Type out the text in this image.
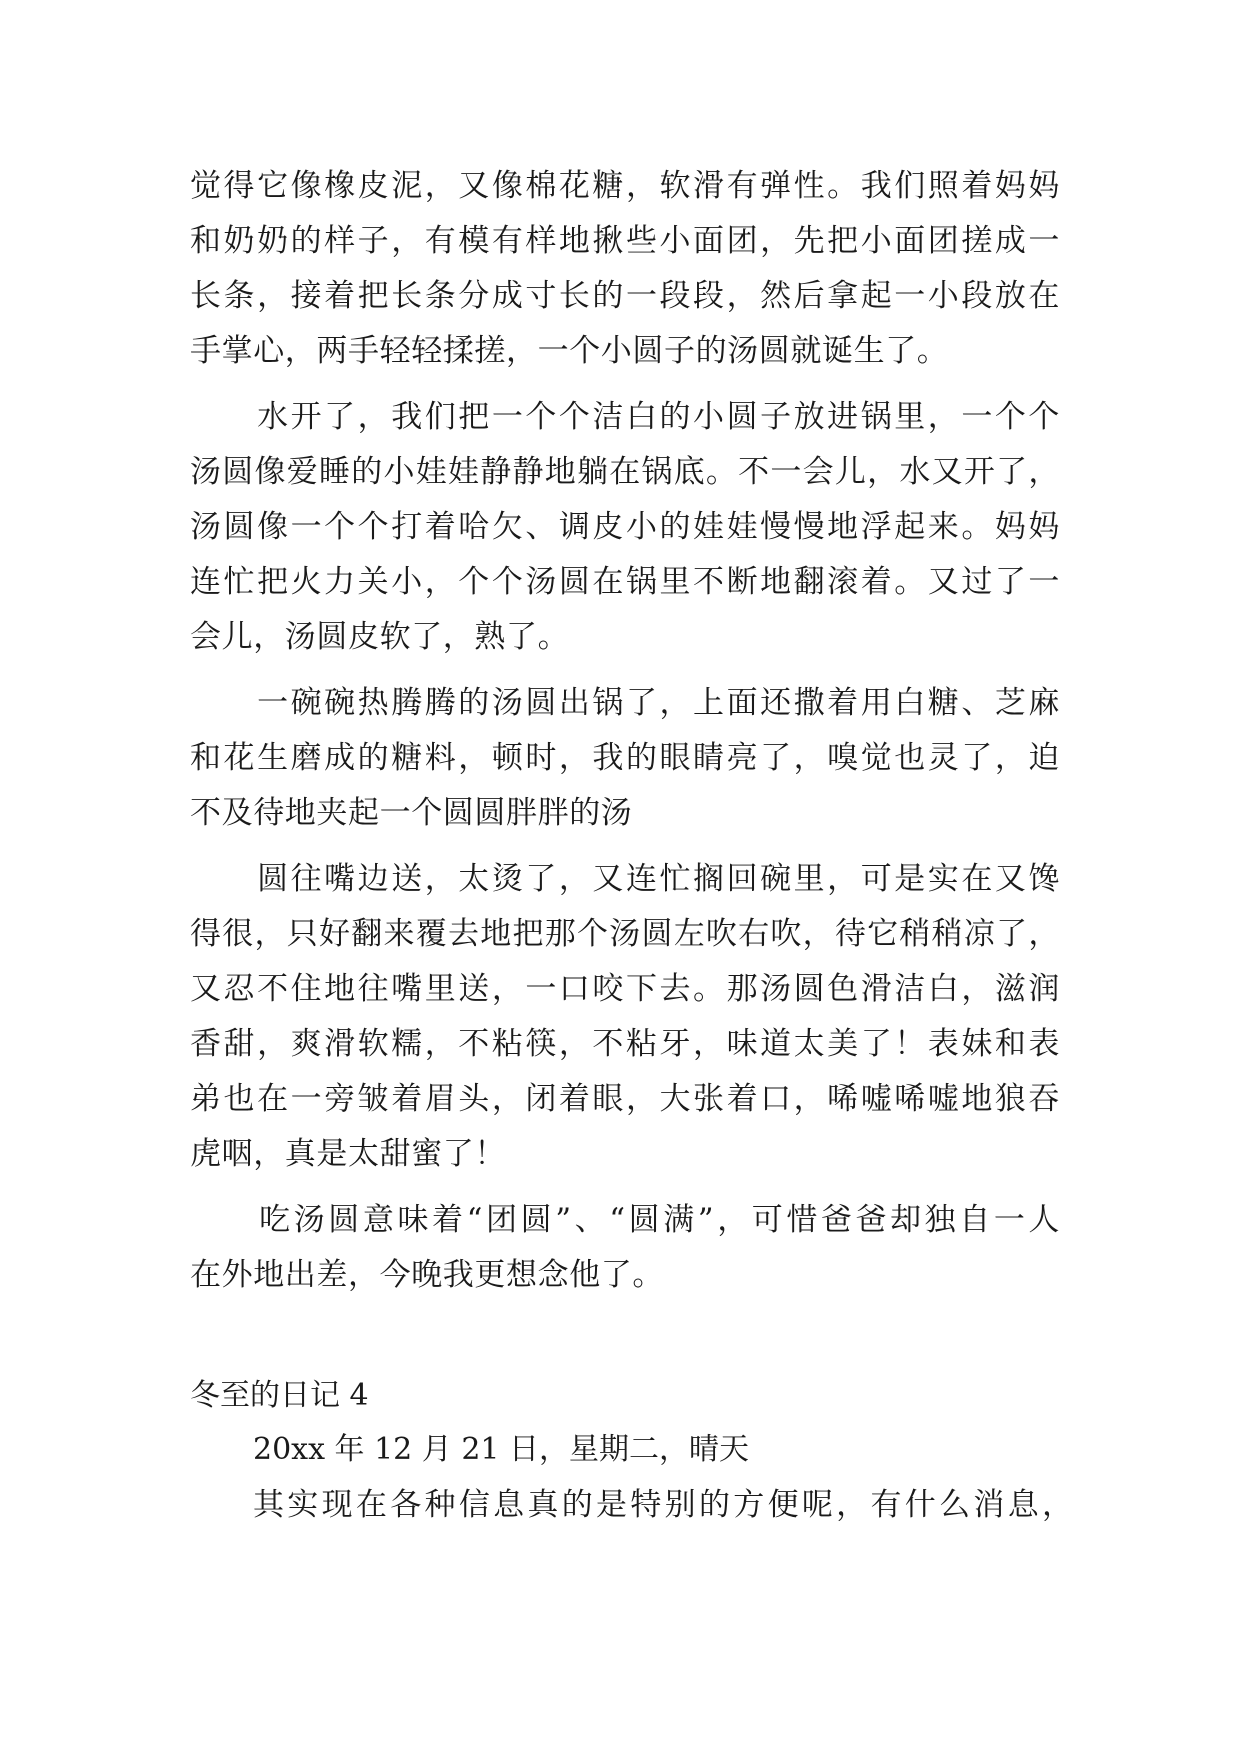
觉得它像橡皮泥，又像棉花糖，软滑有弹性。我们照着妈妈
和奶奶的样子，有模有样地揪些小面团，先把小面团搓成一
长条，接着把长条分成寸长的一段段，然后拿起一小段放在
手掌心，两手轻轻揉搓，一个小圆子的汤圆就诞生了。
　　水开了，我们把一个个洁白的小圆子放进锅里，一个个
汤圆像爱睡的小娃娃静静地躺在锅底。不一会儿，水又开了，
汤圆像一个个打着哈欠、调皮小的娃娃慢慢地浮起来。妈妈
连忙把火力关小，个个汤圆在锅里不断地翻滚着。又过了一
会儿，汤圆皮软了，熟了。
　　一碗碗热腾腾的汤圆出锅了，上面还撒着用白糖、芝麻
和花生磨成的糖料，顿时，我的眼睛亮了，嗅觉也灵了，迫
不及待地夹起一个圆圆胖胖的汤
　　圆往嘴边送，太烫了，又连忙搁回碗里，可是实在又馋
得很，只好翻来覆去地把那个汤圆左吹右吹，待它稍稍凉了，
又忍不住地往嘴里送，一口咬下去。那汤圆色滑洁白，滋润
香甜，爽滑软糯，不粘筷，不粘牙，味道太美了！表妹和表
弟也在一旁皱着眉头，闭着眼，大张着口，唏嘘唏嘘地狼吞
虎咽，真是太甜蜜了！
　　吃汤圆意味着“团圆”、“圆满”，可惜爸爸却独自一人
在外地出差，今晚我更想念他了。
冬至的日记 4
20xx 年 12 月 21 日，星期二，晴天
其实现在各种信息真的是特别的方便呢，有什么消息，
